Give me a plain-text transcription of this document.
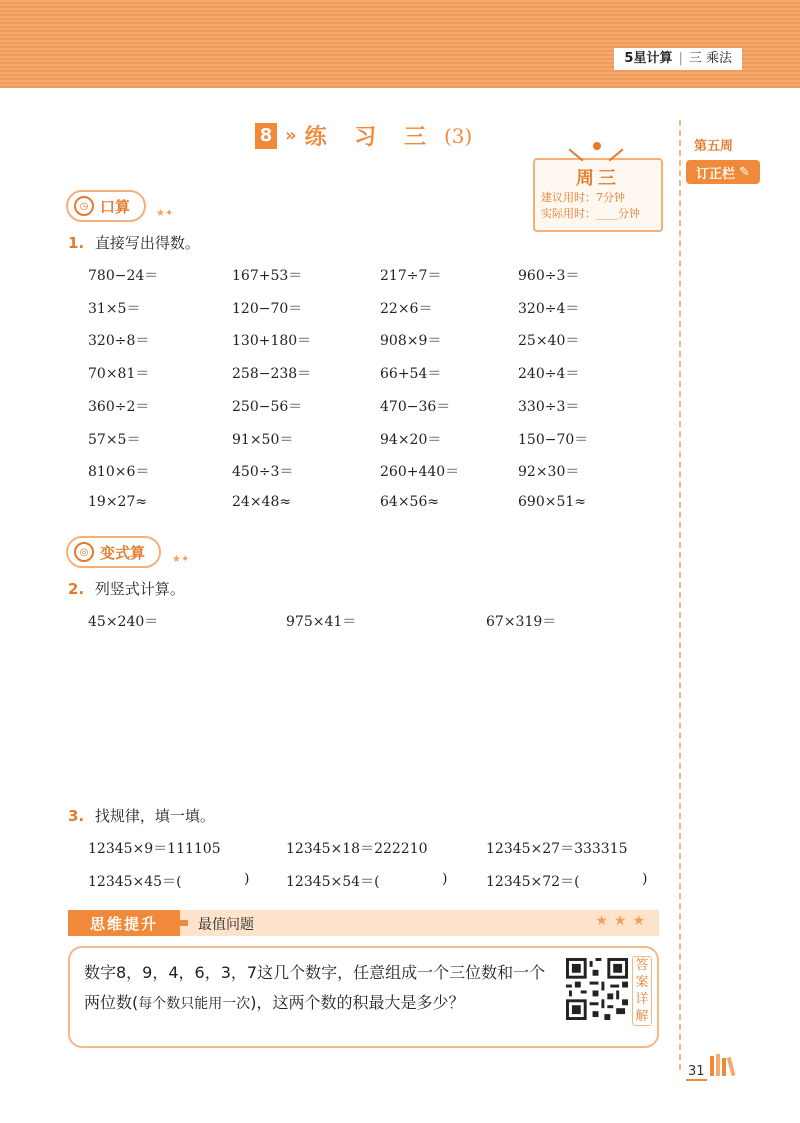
5星计算 | 三 乘法
8 » 练 习 三 (3)
周三
建议用时：7分钟
实际用时：____分钟
第五周
订正栏 ✎
◷ 口算	★✦
1. 直接写出得数。
780−24＝	167+53＝	217÷7＝	960÷3＝
31×5＝	120−70＝	22×6＝	320÷4＝
320÷8＝	130+180＝	908×9＝	25×40＝
70×81＝	258−238＝	66+54＝	240÷4＝
360÷2＝	250−56＝	470−36＝	330÷3＝
57×5＝	91×50＝	94×20＝	150−70＝
810×6＝	450÷3＝	260+440＝	92×30＝
19×27≈	24×48≈	64×56≈	690×51≈
◎ 变式算	★✦
2. 列竖式计算。
45×240＝	975×41＝	67×319＝
3. 找规律，填一填。
12345×9＝111105	12345×18＝222210	12345×27＝333315
12345×45＝(	)	12345×54＝(	)	12345×72＝(	)
思维提升	最值问题	★★★
数字8，9，4，6，3，7这几个数字，任意组成一个三位数和一个
两位数(每个数只能用一次)，这两个数的积最大是多少？
答案详解
31
